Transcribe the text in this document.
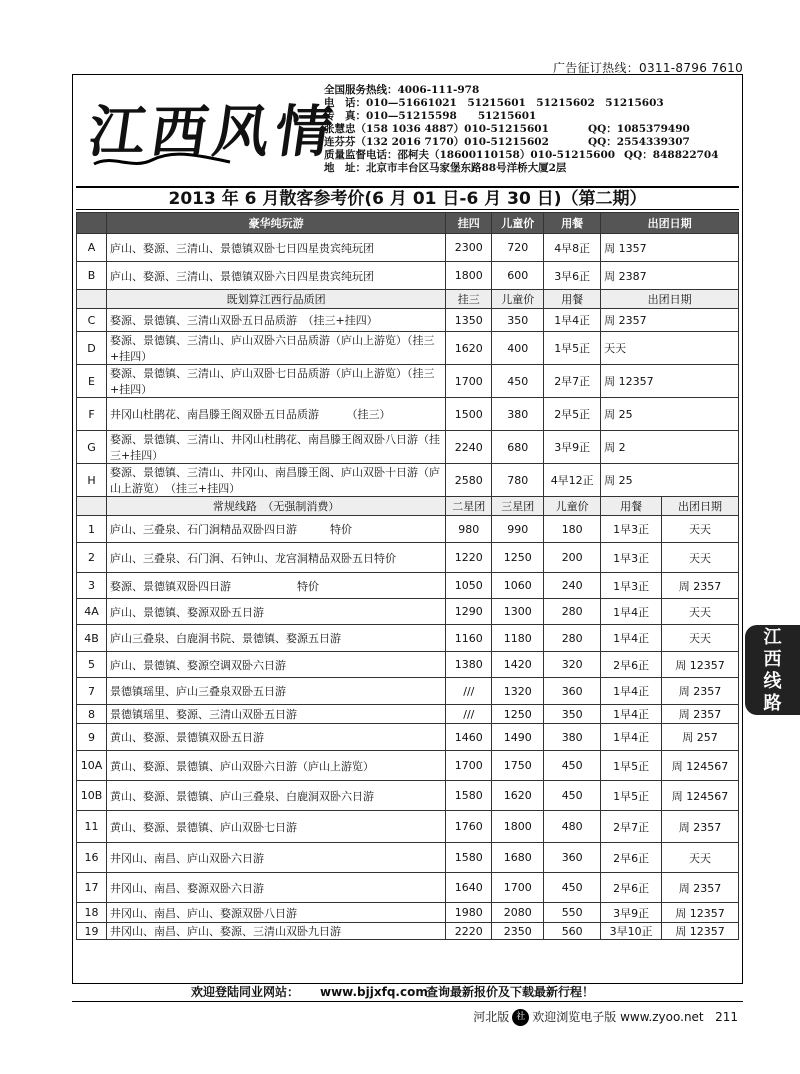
广告征订热线：0311-8796 7610
江西风情
全国服务热线：4006-111-978
电　话：010—51661021　51215601　51215602　51215603
传　真：010—51215598　　51215601
张慧忠（158 1036 4887）010-51215601	QQ：1085379490
连芬芬（132 2016 7170）010-51215602	QQ：2554339307
质量监督电话：邵柯夫（18600110158）010-51215600 QQ：848822704
地　址：北京市丰台区马家堡东路88号洋桥大厦2层
2013 年 6 月散客参考价(6 月 01 日-6 月 30 日)（第二期）
	豪华纯玩游	挂四	儿童价	用餐	出团日期	
A	庐山、婺源、三清山、景德镇双卧七日四星贵宾纯玩团	2300	720	4早8正	周 1357	
B	庐山、婺源、三清山、景德镇双卧六日四星贵宾纯玩团	1800	600	3早6正	周 2387	
	既划算江西行品质团	挂三	儿童价	用餐	出团日期	
C	婺源、景德镇、三清山双卧五日品质游　（挂三+挂四）	1350	350	1早4正	周 2357	
D	婺源、景德镇、三清山、庐山双卧六日品质游（庐山上游览）（挂三+挂四）	1620	400	1早5正	天天	
E	婺源、景德镇、三清山、庐山双卧七日品质游（庐山上游览）（挂三+挂四）	1700	450	2早7正	周 12357	
F	井冈山杜鹃花、南昌滕王阁双卧五日品质游　　　（挂三）	1500	380	2早5正	周 25	
G	婺源、景德镇、三清山、井冈山杜鹃花、南昌滕王阁双卧八日游（挂三+挂四）	2240	680	3早9正	周 2	
H	婺源、景德镇、三清山、井冈山、南昌滕王阁、庐山双卧十日游（庐山上游览）　（挂三+挂四）	2580	780	4早12正	周 25	
	常规线路　（无强制消费）	二星团	三星团	儿童价	用餐	出团日期
1	庐山、三叠泉、石门涧精品双卧四日游　　　特价	980	990	180	1早3正	天天
2	庐山、三叠泉、石门涧、石钟山、龙宫洞精品双卧五日特价	1220	1250	200	1早3正	天天
3	婺源、景德镇双卧四日游　　　　　　特价	1050	1060	240	1早3正	周 2357
4A	庐山、景德镇、婺源双卧五日游	1290	1300	280	1早4正	天天
4B	庐山三叠泉、白鹿洞书院、景德镇、婺源五日游	1160	1180	280	1早4正	天天
5	庐山、景德镇、婺源空调双卧六日游	1380	1420	320	2早6正	周 12357
7	景德镇瑶里、庐山三叠泉双卧五日游	///	1320	360	1早4正	周 2357
8	景德镇瑶里、婺源、三清山双卧五日游	///	1250	350	1早4正	周 2357
9	黄山、婺源、景德镇双卧五日游	1460	1490	380	1早4正	周 257
10A	黄山、婺源、景德镇、庐山双卧六日游（庐山上游览）	1700	1750	450	1早5正	周 124567
10B	黄山、婺源、景德镇、庐山三叠泉、白鹿洞双卧六日游	1580	1620	450	1早5正	周 124567
11	黄山、婺源、景德镇、庐山双卧七日游	1760	1800	480	2早7正	周 2357
16	井冈山、南昌、庐山双卧六日游	1580	1680	360	2早6正	天天
17	井冈山、南昌、婺源双卧六日游	1640	1700	450	2早6正	周 2357
18	井冈山、南昌、庐山、婺源双卧八日游	1980	2080	550	3早9正	周 12357
19	井冈山、南昌、庐山、婺源、三清山双卧九日游	2220	2350	560	3早10正	周 12357
江
西
线
路
欢迎登陆同业网站： www.bjjxfq.com
查询最新报价及下载最新行程！
河北版 社 欢迎浏览电子版 www.zyoo.net 211
